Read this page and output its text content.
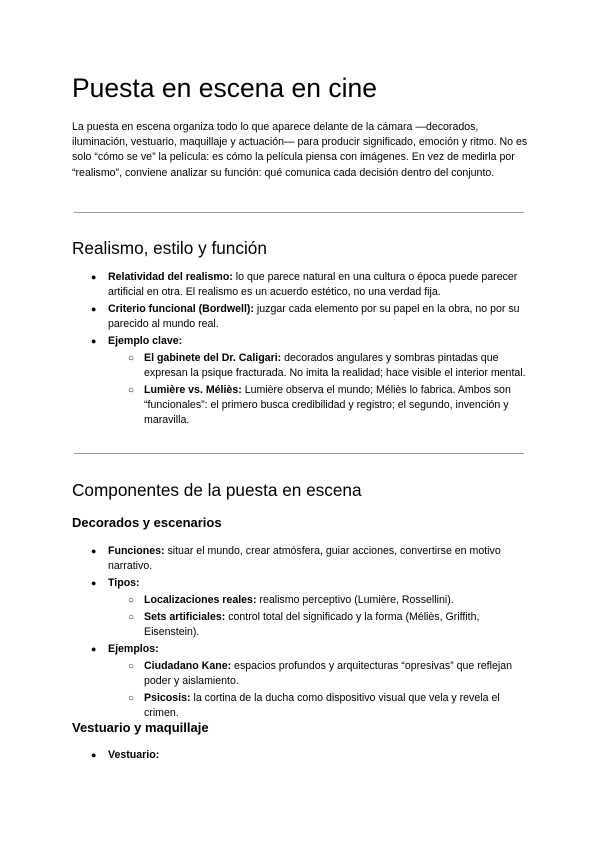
Puesta en escena en cine

La puesta en escena organiza todo lo que aparece delante de la cámara —decorados, iluminación, vestuario, maquillaje y actuación— para producir significado, emoción y ritmo. No es solo “cómo se ve” la película: es cómo la película piensa con imágenes. En vez de medirla por “realismo”, conviene analizar su función: qué comunica cada decisión dentro del conjunto.

Realismo, estilo y función
● Relatividad del realismo: lo que parece natural en una cultura o época puede parecer artificial en otra. El realismo es un acuerdo estético, no una verdad fija.
● Criterio funcional (Bordwell): juzgar cada elemento por su papel en la obra, no por su parecido al mundo real.
● Ejemplo clave:
○ El gabinete del Dr. Caligari: decorados angulares y sombras pintadas que expresan la psique fracturada. No imita la realidad; hace visible el interior mental.
○ Lumière vs. Méliès: Lumière observa el mundo; Méliès lo fabrica. Ambos son “funcionales”: el primero busca credibilidad y registro; el segundo, invención y maravilla.
Componentes de la puesta en escena
Decorados y escenarios
● Funciones: situar el mundo, crear atmósfera, guiar acciones, convertirse en motivo narrativo.
● Tipos:
○ Localizaciones reales: realismo perceptivo (Lumière, Rossellini).
○ Sets artificiales: control total del significado y la forma (Méliès, Griffith, Eisenstein).
● Ejemplos:
○ Ciudadano Kane: espacios profundos y arquitecturas “opresivas” que reflejan poder y aislamiento.
○ Psicosis: la cortina de la ducha como dispositivo visual que vela y revela el crimen.
Vestuario y maquillaje
● Vestuario:
